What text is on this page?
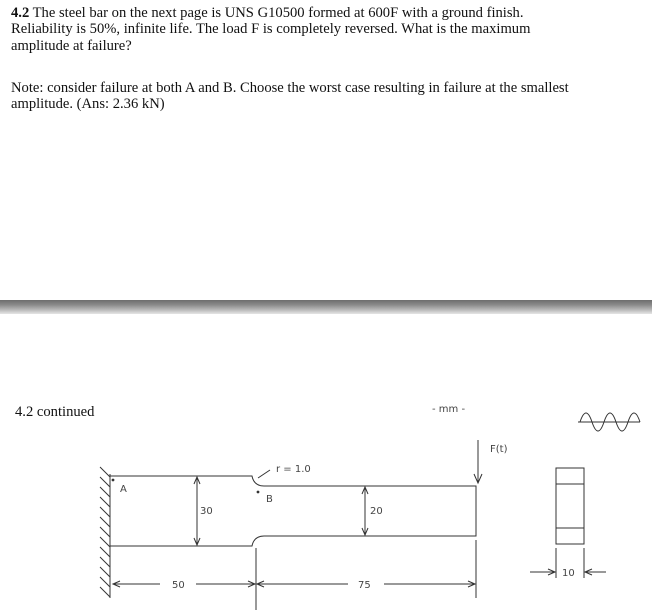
4.2 The steel bar on the next page is UNS G10500 formed at 600F with a ground finish.
Reliability is 50%, infinite life. The load F is completely reversed. What is the maximum
amplitude at failure?

Note: consider failure at both A and B. Choose the worst case resulting in failure at the smallest
amplitude. (Ans: 2.36 kN)

4.2 continued
A
B
r = 1.0
30	20
50	75
10
- mm -
F(t)
